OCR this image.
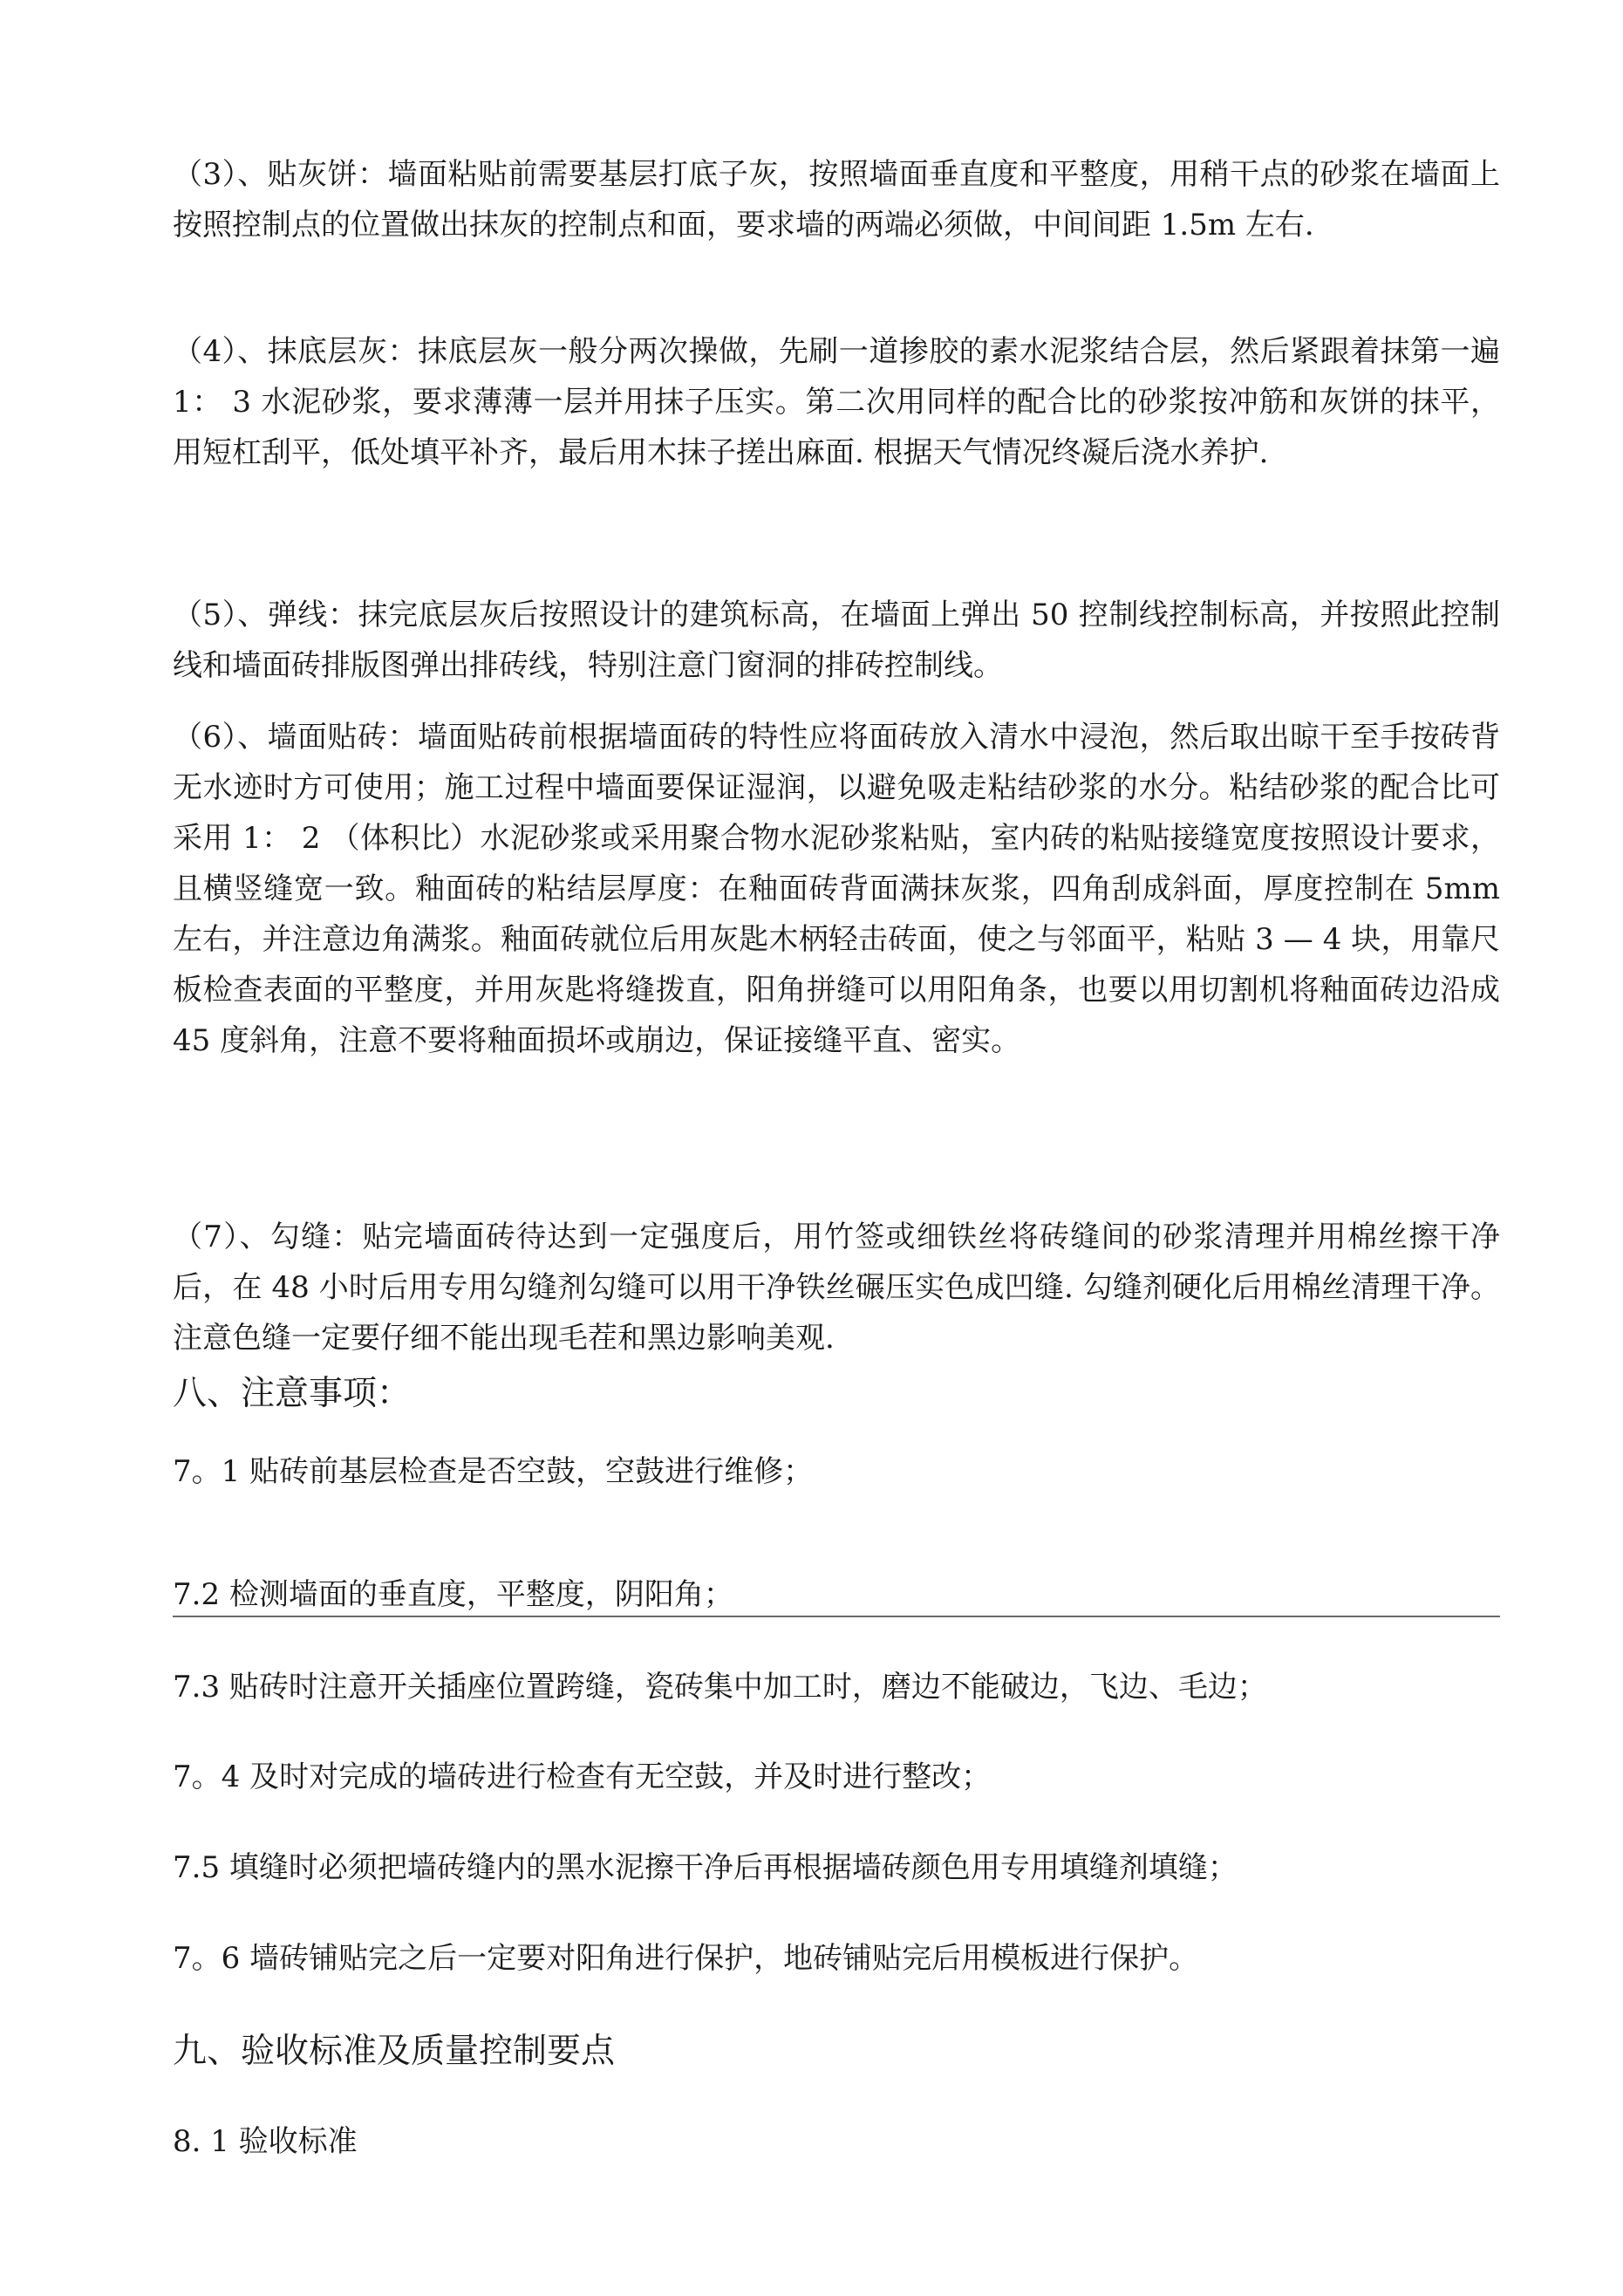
（3）、贴灰饼：墙面粘贴前需要基层打底子灰，按照墙面垂直度和平整度，用稍干点的砂浆在墙面上按照控制点的位置做出抹灰的控制点和面，要求墙的两端必须做，中间间距 1.5m 左右.

（4）、抹底层灰：抹底层灰一般分两次操做，先刷一道掺胶的素水泥浆结合层，然后紧跟着抹第一遍 1： 3 水泥砂浆，要求薄薄一层并用抹子压实。第二次用同样的配合比的砂浆按冲筋和灰饼的抹平，用短杠刮平，低处填平补齐，最后用木抹子搓出麻面. 根据天气情况终凝后浇水养护.

（5）、弹线：抹完底层灰后按照设计的建筑标高，在墙面上弹出 50 控制线控制标高，并按照此控制线和墙面砖排版图弹出排砖线，特别注意门窗洞的排砖控制线。

（6）、墙面贴砖：墙面贴砖前根据墙面砖的特性应将面砖放入清水中浸泡，然后取出晾干至手按砖背无水迹时方可使用；施工过程中墙面要保证湿润，以避免吸走粘结砂浆的水分。粘结砂浆的配合比可采用 1： 2 （体积比）水泥砂浆或采用聚合物水泥砂浆粘贴，室内砖的粘贴接缝宽度按照设计要求，且横竖缝宽一致。釉面砖的粘结层厚度：在釉面砖背面满抹灰浆，四角刮成斜面，厚度控制在 5mm 左右，并注意边角满浆。釉面砖就位后用灰匙木柄轻击砖面，使之与邻面平，粘贴 3 — 4 块，用靠尺板检查表面的平整度，并用灰匙将缝拨直，阳角拼缝可以用阳角条，也要以用切割机将釉面砖边沿成 45 度斜角，注意不要将釉面损坏或崩边，保证接缝平直、密实。

（7）、勾缝：贴完墙面砖待达到一定强度后，用竹签或细铁丝将砖缝间的砂浆清理并用棉丝擦干净后，在 48 小时后用专用勾缝剂勾缝可以用干净铁丝碾压实色成凹缝. 勾缝剂硬化后用棉丝清理干净。注意色缝一定要仔细不能出现毛茬和黑边影响美观.

八、注意事项：

7。1 贴砖前基层检查是否空鼓，空鼓进行维修；

7.2 检测墙面的垂直度，平整度，阴阳角；

7.3 贴砖时注意开关插座位置跨缝，瓷砖集中加工时，磨边不能破边，飞边、毛边；

7。4 及时对完成的墙砖进行检查有无空鼓，并及时进行整改；

7.5 填缝时必须把墙砖缝内的黑水泥擦干净后再根据墙砖颜色用专用填缝剂填缝；

7。6 墙砖铺贴完之后一定要对阳角进行保护，地砖铺贴完后用模板进行保护。

九、验收标准及质量控制要点

8. 1 验收标准
